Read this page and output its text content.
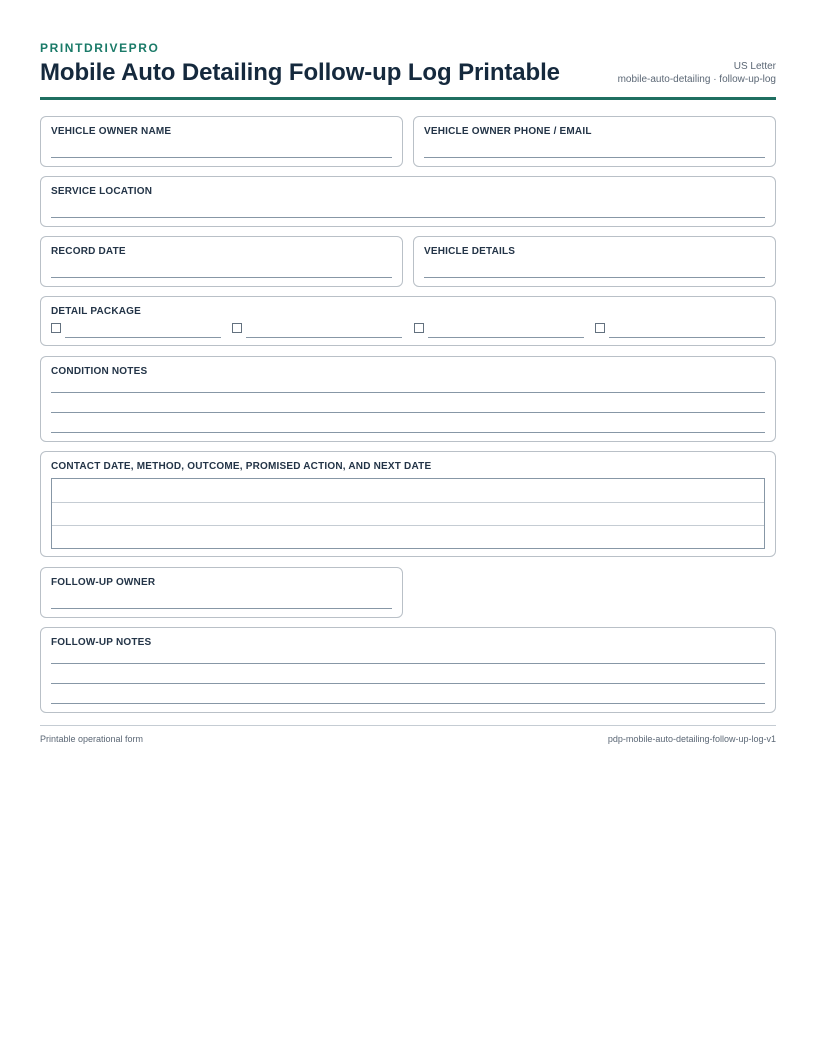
PRINTDRIVEPRO
Mobile Auto Detailing Follow-up Log Printable	US Letter
mobile-auto-detailing · follow-up-log
VEHICLE OWNER NAME	VEHICLE OWNER PHONE / EMAIL
SERVICE LOCATION
RECORD DATE	VEHICLE DETAILS
DETAIL PACKAGE
CONDITION NOTES
CONTACT DATE, METHOD, OUTCOME, PROMISED ACTION, AND NEXT DATE
FOLLOW-UP OWNER
FOLLOW-UP NOTES
Printable operational form	pdp-mobile-auto-detailing-follow-up-log-v1
